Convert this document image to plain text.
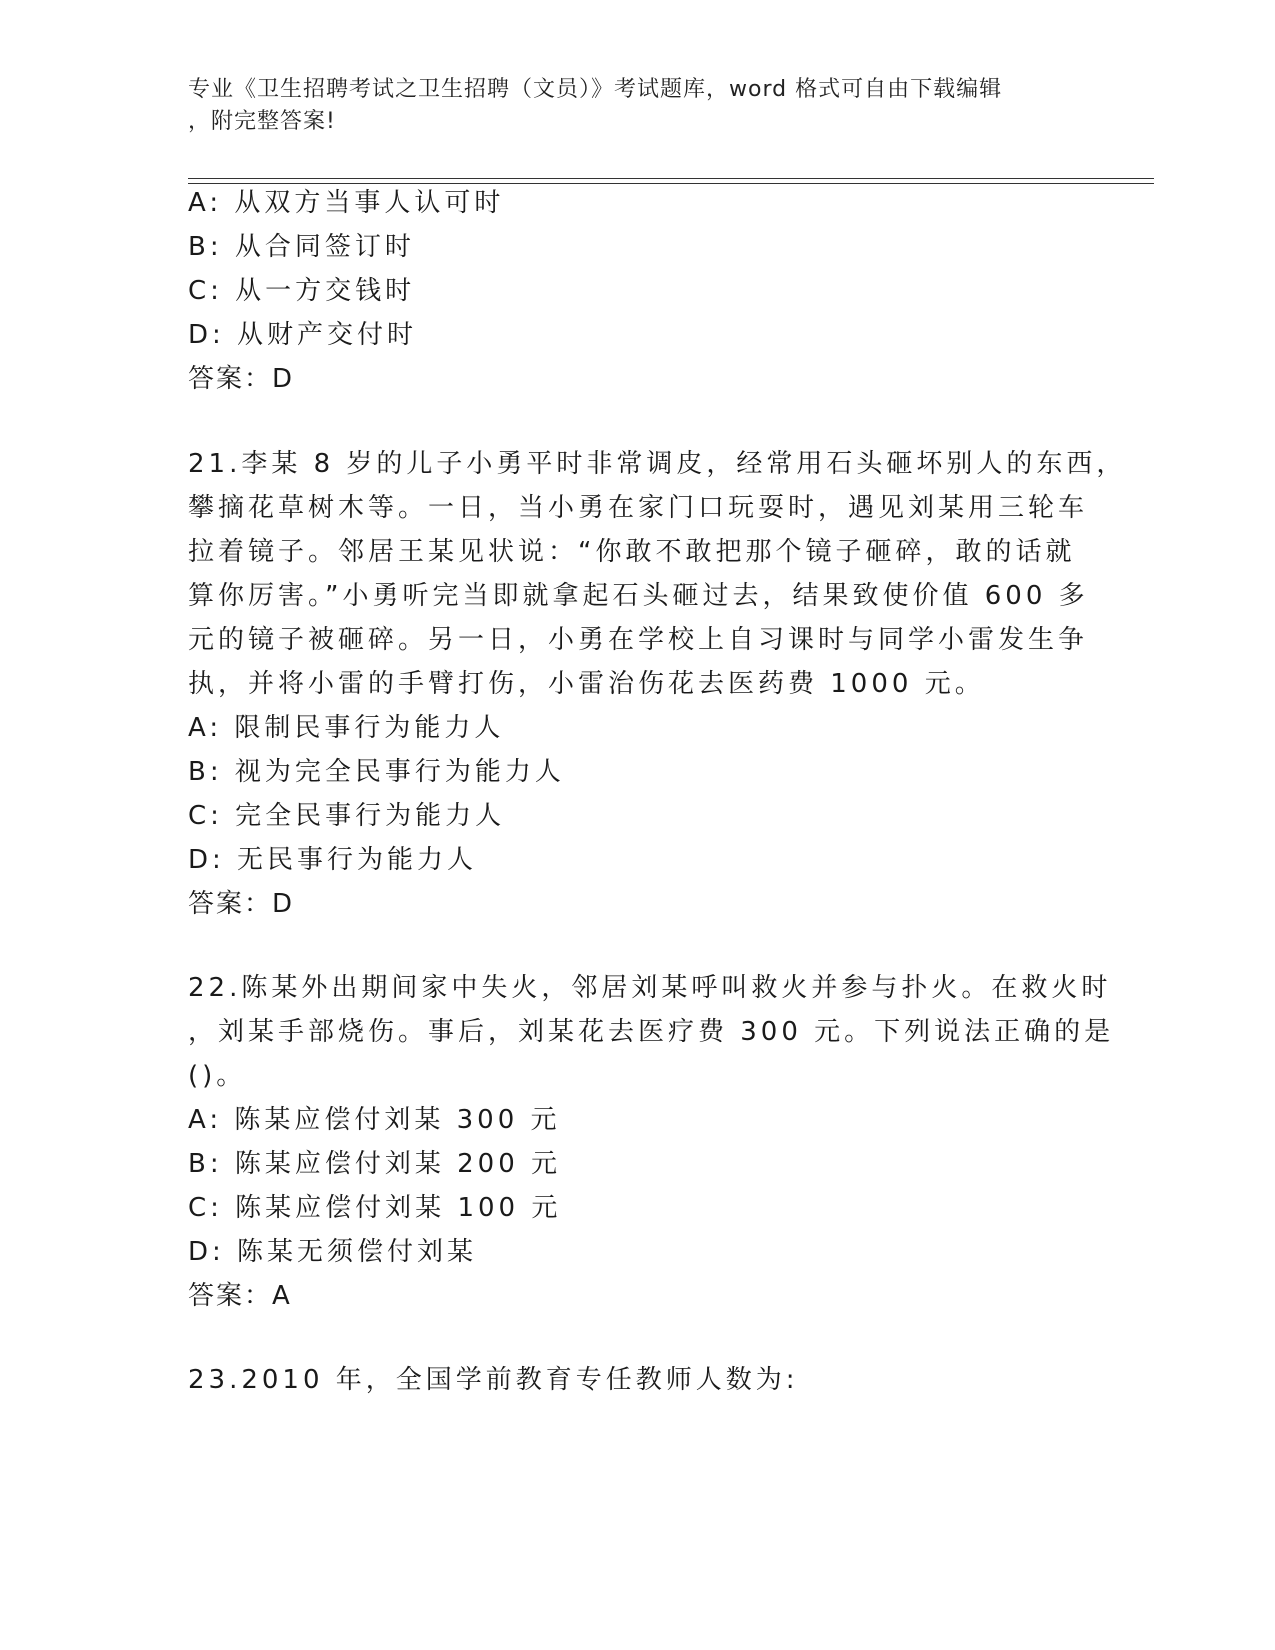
专业《卫生招聘考试之卫生招聘（文员）》考试题库，word 格式可自由下载编辑
，附完整答案!
A: 从双方当事人认可时
B: 从合同签订时
C: 从一方交钱时
D: 从财产交付时
答案：D
21.李某 8 岁的儿子小勇平时非常调皮，经常用石头砸坏别人的东西，
攀摘花草树木等。一日，当小勇在家门口玩耍时，遇见刘某用三轮车
拉着镜子。邻居王某见状说：“你敢不敢把那个镜子砸碎，敢的话就
算你厉害。”小勇听完当即就拿起石头砸过去，结果致使价值 600 多
元的镜子被砸碎。另一日，小勇在学校上自习课时与同学小雷发生争
执，并将小雷的手臂打伤，小雷治伤花去医药费 1000 元。
A: 限制民事行为能力人
B: 视为完全民事行为能力人
C: 完全民事行为能力人
D: 无民事行为能力人
答案：D
22.陈某外出期间家中失火，邻居刘某呼叫救火并参与扑火。在救火时
，刘某手部烧伤。事后，刘某花去医疗费 300 元。下列说法正确的是
()。
A: 陈某应偿付刘某 300 元
B: 陈某应偿付刘某 200 元
C: 陈某应偿付刘某 100 元
D: 陈某无须偿付刘某
答案：A
23.2010 年，全国学前教育专任教师人数为:
